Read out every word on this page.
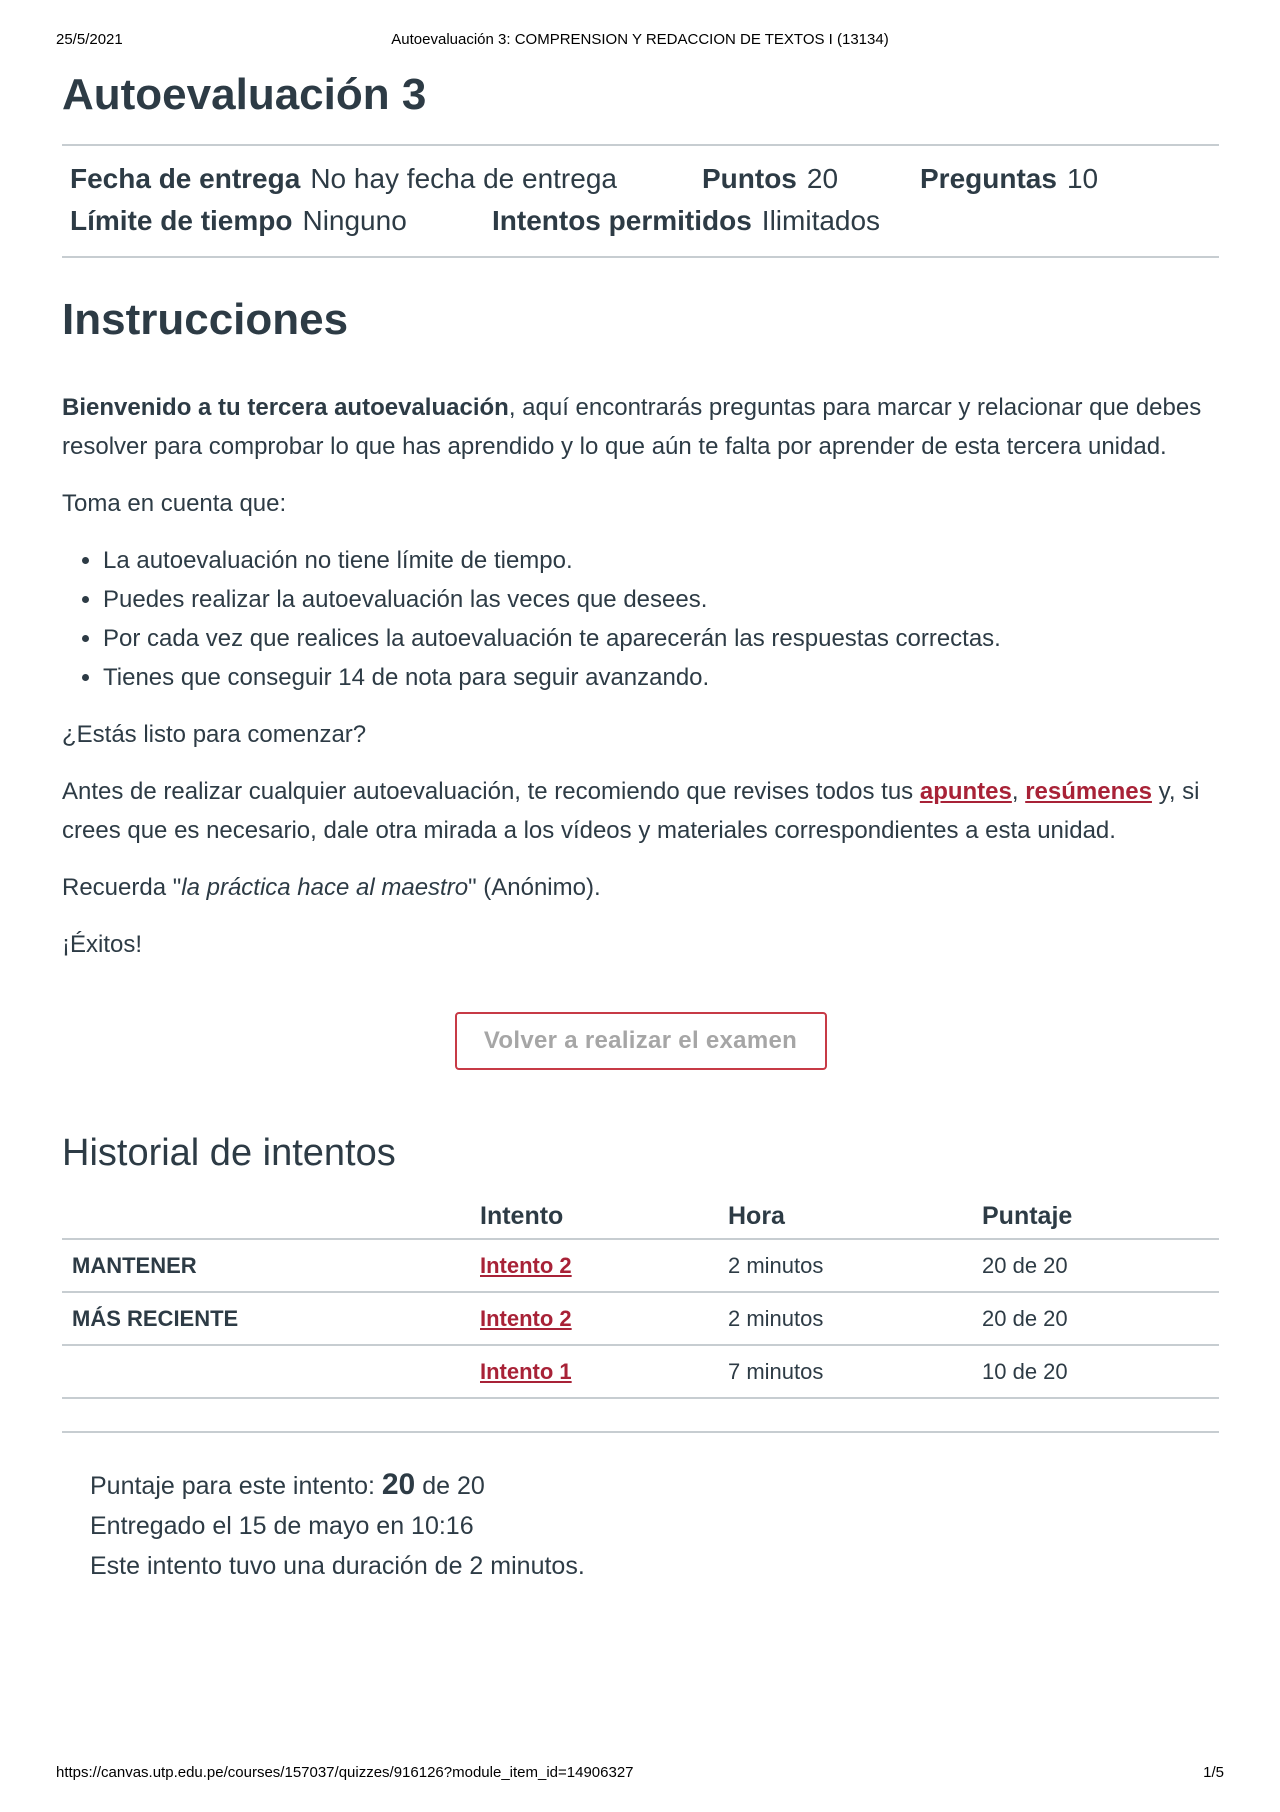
25/5/2021	Autoevaluación 3: COMPRENSION Y REDACCION DE TEXTOS I (13134)
Autoevaluación 3
Fecha de entrega No hay fecha de entrega	Puntos 20	Preguntas 10
Límite de tiempo Ninguno	Intentos permitidos Ilimitados
Instrucciones

Bienvenido a tu tercera autoevaluación, aquí encontrarás preguntas para marcar y relacionar que debes resolver para comprobar lo que has aprendido y lo que aún te falta por aprender de esta tercera unidad.

Toma en cuenta que:

• La autoevaluación no tiene límite de tiempo.
• Puedes realizar la autoevaluación las veces que desees.
• Por cada vez que realices la autoevaluación te aparecerán las respuestas correctas.
• Tienes que conseguir 14 de nota para seguir avanzando.

¿Estás listo para comenzar?

Antes de realizar cualquier autoevaluación, te recomiendo que revises todos tus apuntes, resúmenes y, si crees que es necesario, dale otra mirada a los vídeos y materiales correspondientes a esta unidad.

Recuerda "la práctica hace al maestro" (Anónimo).

¡Éxitos!

Volver a realizar el examen
Historial de intentos
	Intento	Hora	Puntaje
MANTENER	Intento 2	2 minutos	20 de 20
MÁS RECIENTE	Intento 2	2 minutos	20 de 20
	Intento 1	7 minutos	10 de 20
Puntaje para este intento: 20 de 20
Entregado el 15 de mayo en 10:16
Este intento tuvo una duración de 2 minutos.
https://canvas.utp.edu.pe/courses/157037/quizzes/916126?module_item_id=14906327	1/5
